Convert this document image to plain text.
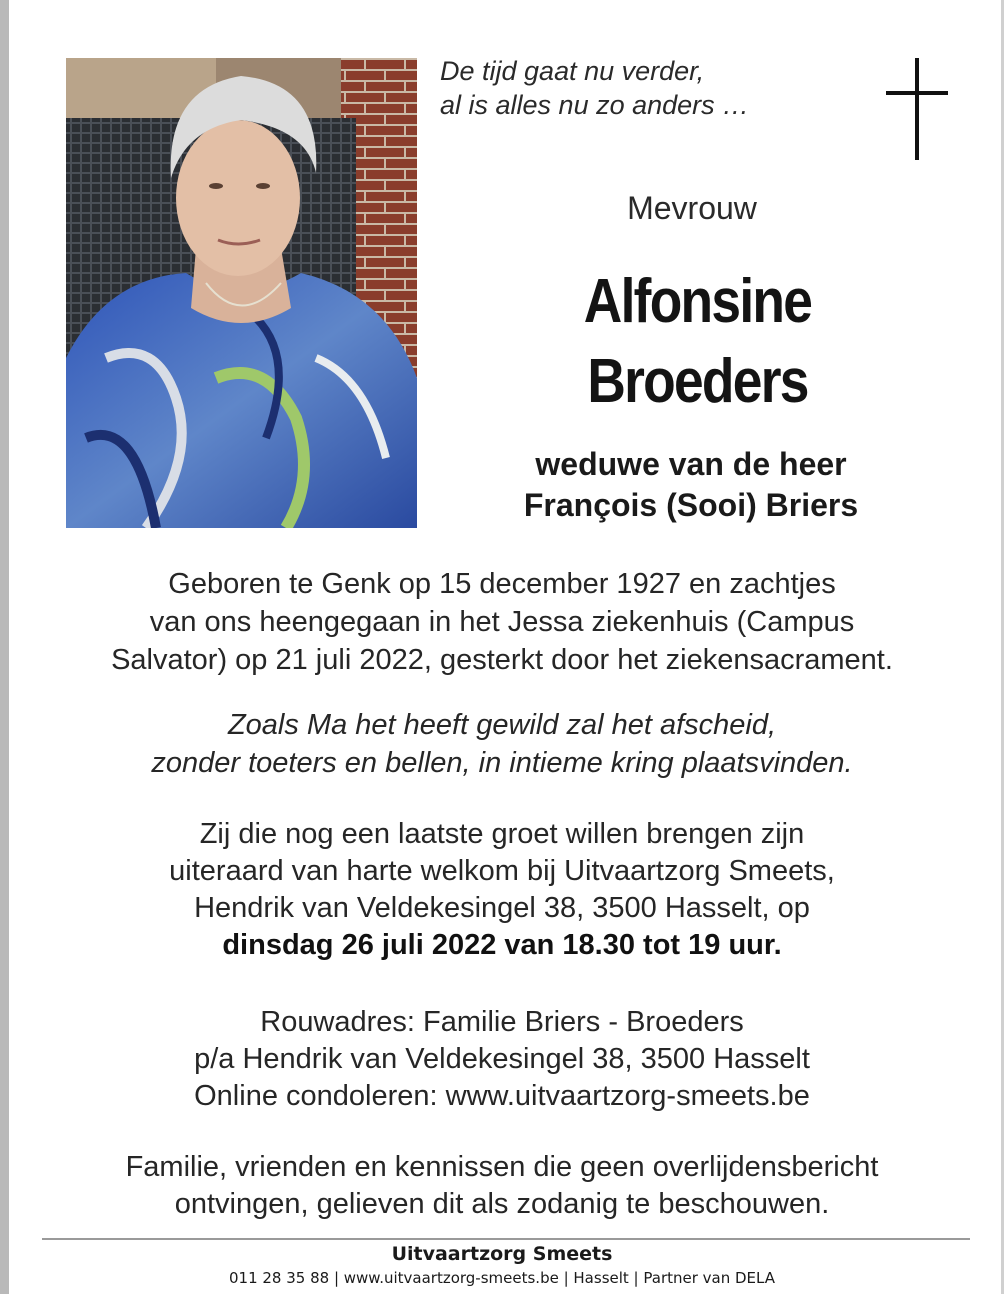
De tijd gaat nu verder,
al is alles nu zo anders …
Mevrouw
Alfonsine
Broeders
weduwe van de heer
François (Sooi) Briers
Geboren te Genk op 15 december 1927 en zachtjes
van ons heengegaan in het Jessa ziekenhuis (Campus
Salvator) op 21 juli 2022, gesterkt door het ziekensacrament.
Zoals Ma het heeft gewild zal het afscheid,
zonder toeters en bellen, in intieme kring plaatsvinden.
Zij die nog een laatste groet willen brengen zijn
uiteraard van harte welkom bij Uitvaartzorg Smeets,
Hendrik van Veldekesingel 38, 3500 Hasselt, op
dinsdag 26 juli 2022 van 18.30 tot 19 uur.
Rouwadres: Familie Briers - Broeders
p/a Hendrik van Veldekesingel 38, 3500 Hasselt
Online condoleren: www.uitvaartzorg-smeets.be
Familie, vrienden en kennissen die geen overlijdensbericht
ontvingen, gelieven dit als zodanig te beschouwen.
Uitvaartzorg Smeets
011 28 35 88 | www.uitvaartzorg-smeets.be | Hasselt | Partner van DELA
